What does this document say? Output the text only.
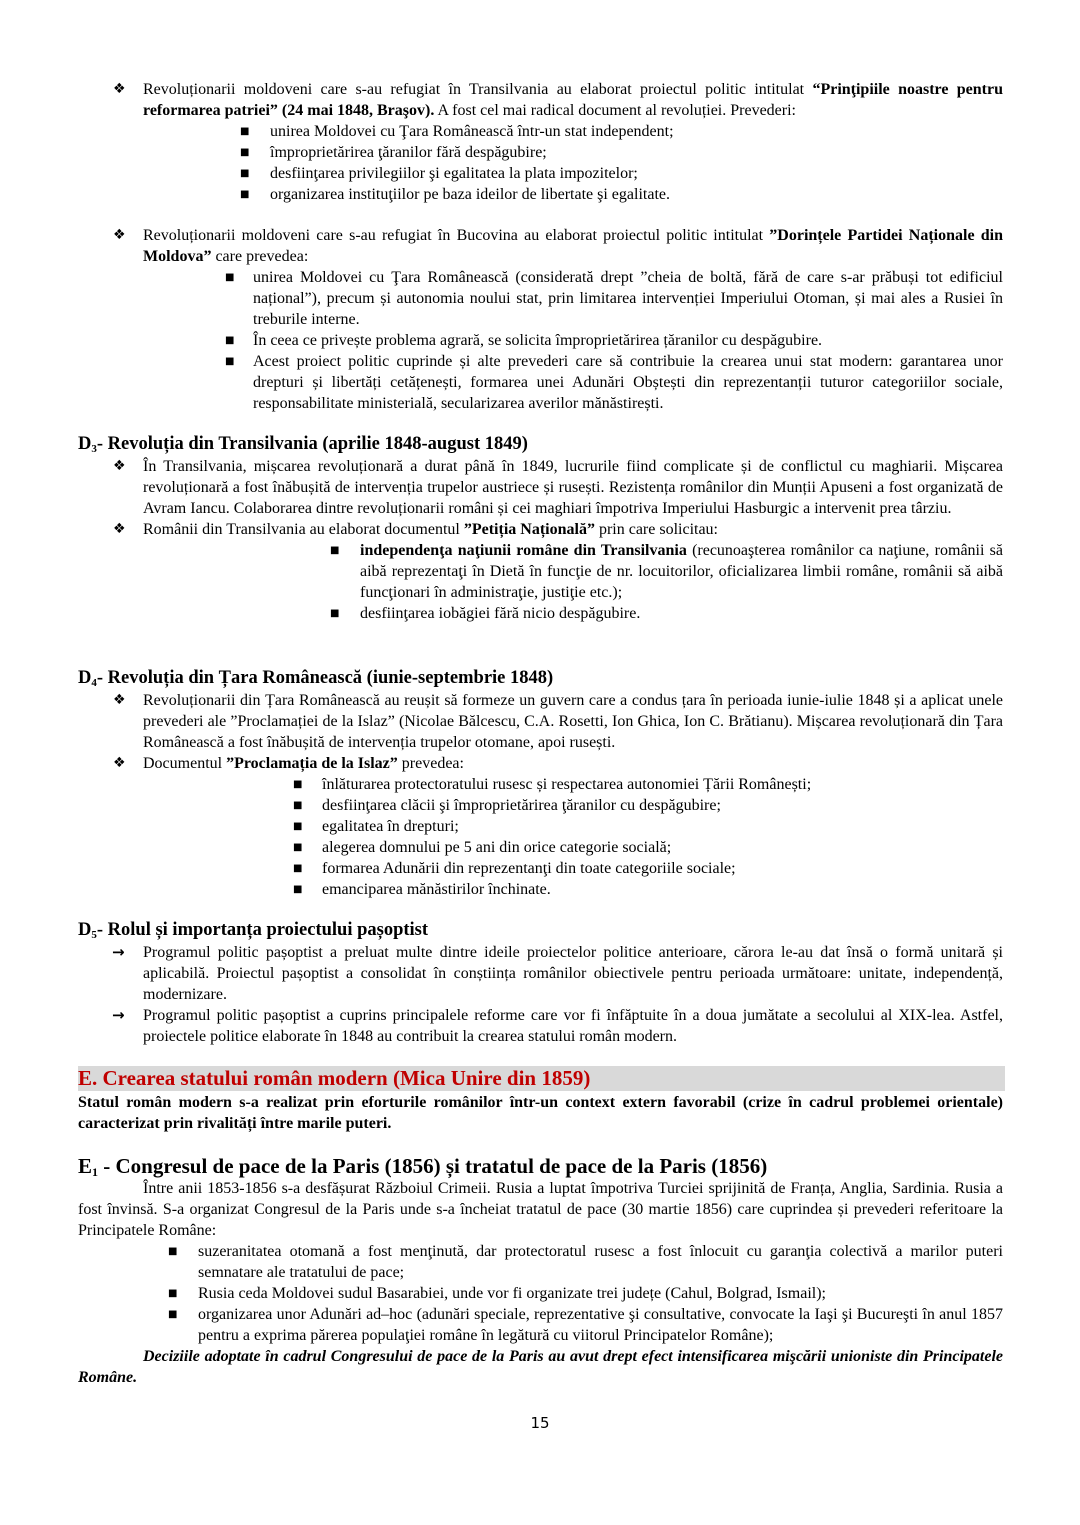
❖	Revoluționarii moldoveni care s-au refugiat în Transilvania au elaborat proiectul politic intitulat “Prinţipiile noastre pentru reformarea patriei” (24 mai 1848, Braşov). A fost cel mai radical document al revoluției. Prevederi:
■	unirea Moldovei cu Ţara Românească într-un stat independent;
■	împroprietărirea ţăranilor fără despăgubire;
■	desfiinţarea privilegiilor şi egalitatea la plata impozitelor;
■	organizarea instituţiilor pe baza ideilor de libertate şi egalitate.
❖	Revoluționarii moldoveni care s-au refugiat în Bucovina au elaborat proiectul politic intitulat ”Dorințele Partidei Naționale din Moldova” care prevedea:
■	unirea Moldovei cu Ţara Românească (considerată drept ”cheia de boltă, fără de care s-ar prăbuși tot edificiul național”), precum și autonomia noului stat, prin limitarea intervenției Imperiului Otoman, și mai ales a Rusiei în treburile interne.
■	În ceea ce privește problema agrară, se solicita împroprietărirea țăranilor cu despăgubire.
■	Acest proiect politic cuprinde și alte prevederi care să contribuie la crearea unui stat modern: garantarea unor drepturi și libertăți cetățenești, formarea unei Adunări Obștești din reprezentanții tuturor categoriilor sociale, responsabilitate ministerială, secularizarea averilor mănăstirești.
$D_3-$ Revoluția din Transilvania (aprilie 1848-august 1849)
❖	În Transilvania, mișcarea revoluționară a durat până în 1849, lucrurile fiind complicate și de conflictul cu maghiarii. Mișcarea revoluționară a fost înăbușită de intervenția trupelor austriece și rusești. Rezistența românilor din Munții Apuseni a fost organizată de Avram Iancu. Colaborarea dintre revoluționarii români și cei maghiari împotriva Imperiului Hasburgic a intervenit prea târziu.
❖	Românii din Transilvania au elaborat documentul ”Petiția Națională” prin care solicitau:
■	independenţa naţiunii române din Transilvania (recunoaşterea românilor ca naţiune, românii să aibă reprezentaţi în Dietă în funcţie de nr. locuitorilor, oficializarea limbii române, românii să aibă funcţionari în administraţie, justiţie etc.);
■	desfiinţarea iobăgiei fără nicio despăgubire.
$D_4-$ Revoluția din Țara Românească (iunie-septembrie 1848)
❖	Revoluționarii din Țara Românească au reușit să formeze un guvern care a condus țara în perioada iunie-iulie 1848 și a aplicat unele prevederi ale ”Proclamației de la Islaz” (Nicolae Bălcescu, C.A. Rosetti, Ion Ghica, Ion C. Brătianu). Mișcarea revoluționară din Țara Românească a fost înăbușită de intervenția trupelor otomane, apoi rusești.
❖	Documentul ”Proclamația de la Islaz” prevedea:
■	înlăturarea protectoratului rusesc și respectarea autonomiei Țării Românești;
■	desfiinţarea clăcii şi împroprietărirea ţăranilor cu despăgubire;
■	egalitatea în drepturi;
■	alegerea domnului pe 5 ani din orice categorie socială;
■	formarea Adunării din reprezentanţi din toate categoriile sociale;
■	emanciparea mănăstirilor închinate.
$D_5-$ Rolul și importanța proiectului pașoptist
→	Programul politic pașoptist a preluat multe dintre ideile proiectelor politice anterioare, cărora le-au dat însă o formă unitară și aplicabilă. Proiectul pașoptist a consolidat în conștiința românilor obiectivele pentru perioada următoare: unitate, independență, modernizare.
→	Programul politic pașoptist a cuprins principalele reforme care vor fi înfăptuite în a doua jumătate a secolului al XIX-lea. Astfel, proiectele politice elaborate în 1848 au contribuit la crearea statului român modern.
E. Crearea statului român modern (Mica Unire din 1859)
Statul român modern s-a realizat prin eforturile românilor într-un context extern favorabil (crize în cadrul problemei orientale) caracterizat prin rivalități între marile puteri.
$E_1$ - Congresul de pace de la Paris (1856) și tratatul de pace de la Paris (1856)
Între anii 1853-1856 s-a desfășurat Războiul Crimeii. Rusia a luptat împotriva Turciei sprijinită de Franța, Anglia, Sardinia. Rusia a fost învinsă. S-a organizat Congresul de la Paris unde s-a încheiat tratatul de pace (30 martie 1856) care cuprindea și prevederi referitoare la Principatele Române:
■	suzeranitatea otomană a fost menţinută, dar protectoratul rusesc a fost înlocuit cu garanţia colectivă a marilor puteri semnatare ale tratatului de pace;
■	Rusia ceda Moldovei sudul Basarabiei, unde vor fi organizate trei județe (Cahul, Bolgrad, Ismail);
■	organizarea unor Adunări ad–hoc (adunări speciale, reprezentative şi consultative, convocate la Iaşi şi Bucureşti în anul 1857 pentru a exprima părerea populaţiei române în legătură cu viitorul Principatelor Române);
Deciziile adoptate în cadrul Congresului de pace de la Paris au avut drept efect intensificarea mişcării unioniste din Principatele Române.
15
